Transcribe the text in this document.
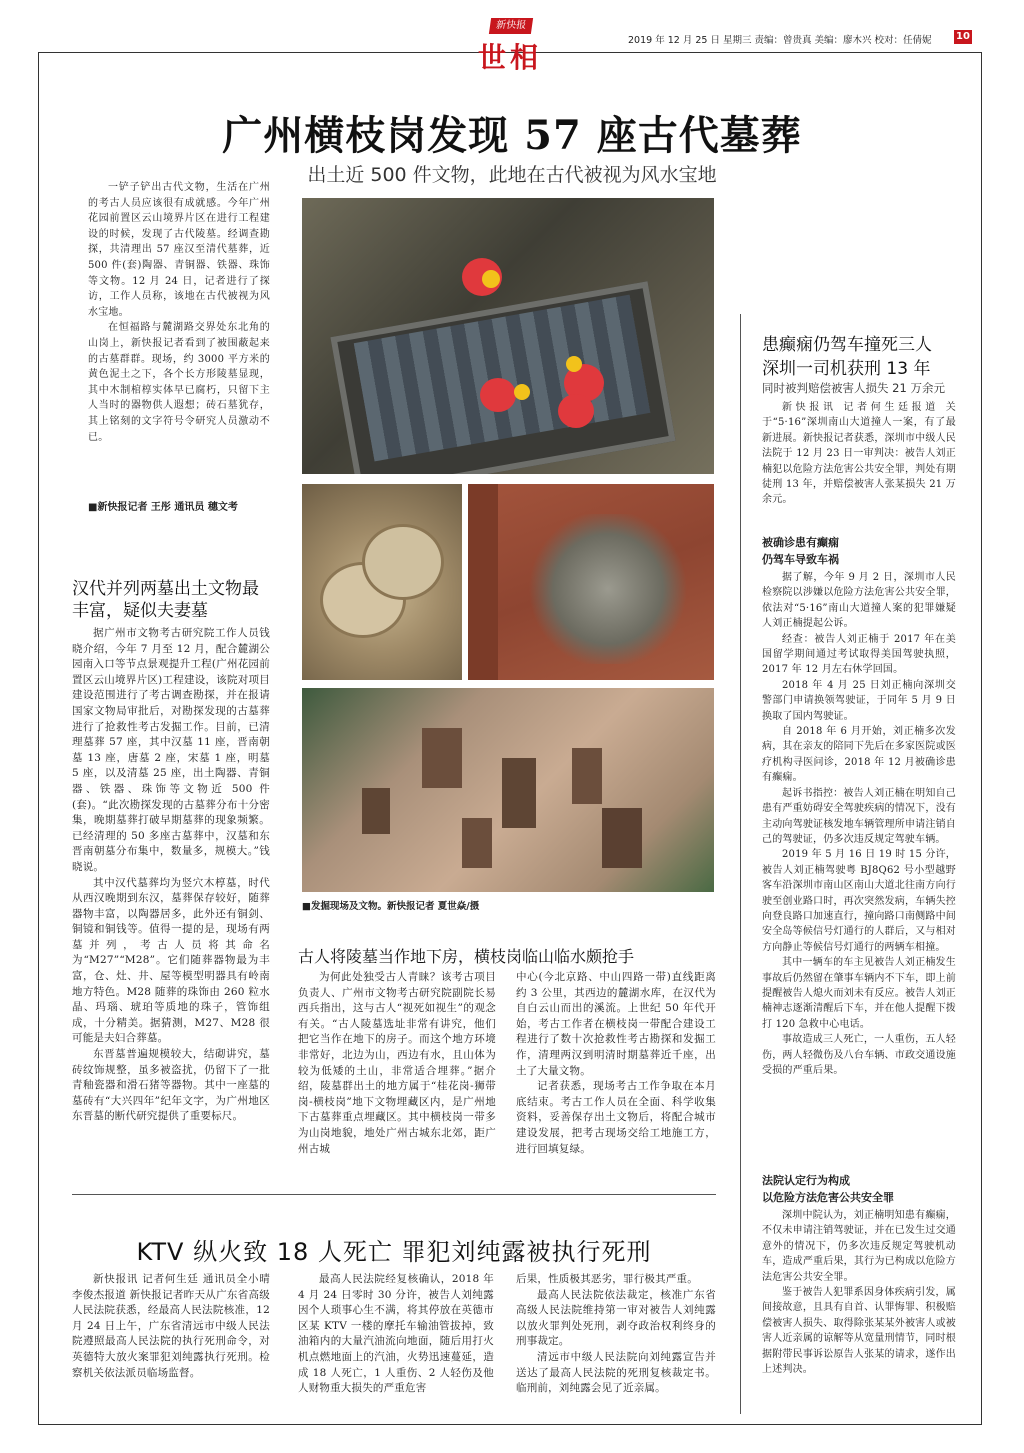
新快报
世相
2019 年 12 月 25 日 星期三 责编：曾贵真 美编：廖木兴 校对：任倩妮 10
广州横枝岗发现 57 座古代墓葬
出土近 500 件文物，此地在古代被视为风水宝地

一铲子铲出古代文物，生活在广州的考古人员应该很有成就感。今年广州花园前置区云山境界片区在进行工程建设的时候，发现了古代陵墓。经调查勘探，共清理出 57 座汉至清代墓葬，近 500 件(套)陶器、青铜器、铁器、珠饰等文物。12 月 24 日，记者进行了探访，工作人员称，该地在古代被视为风水宝地。

在恒福路与麓湖路交界处东北角的山岗上，新快报记者看到了被围蔽起来的古墓群群。现场，约 3000 平方米的黄色泥土之下，各个长方形陵墓显现，其中木制棺椁实体早已腐朽，只留下主人当时的器物供人遐想；砖石墓犹存，其上铭刻的文字符号令研究人员激动不已。

■新快报记者 王彤 通讯员 穗文考
汉代并列两墓出土文物最丰富，疑似夫妻墓

据广州市文物考古研究院工作人员钱晓介绍，今年 7 月至 12 月，配合麓湖公园南入口等节点景观提升工程(广州花园前置区云山境界片区)工程建设，该院对项目建设范围进行了考古调查勘探，并在报请国家文物局审批后，对勘探发现的古墓葬进行了抢救性考古发掘工作。目前，已清理墓葬 57 座，其中汉墓 11 座，晋南朝墓 13 座，唐墓 2 座，宋墓 1 座，明墓 5 座，以及清墓 25 座，出土陶器、青铜器、铁器、珠饰等文物近 500 件(套)。“此次勘探发现的古墓葬分布十分密集，晚期墓葬打破早期墓葬的现象频繁。已经清理的 50 多座古墓葬中，汉墓和东晋南朝墓分布集中，数量多，规模大。”钱晓说。

其中汉代墓葬均为竖穴木椁墓，时代从西汉晚期到东汉，墓葬保存较好，随葬器物丰富，以陶器居多，此外还有铜剑、铜镜和铜钱等。值得一提的是，现场有两墓并列，考古人员将其命名为“M27”“M28”。它们随葬器物最为丰富，仓、灶、井、屋等模型明器具有岭南地方特色。M28 随葬的珠饰由 260 粒水晶、玛瑙、琥珀等质地的珠子，管饰组成，十分精美。据猜测，M27、M28 很可能是夫妇合葬墓。

东晋墓普遍规模较大，结砌讲究，墓砖纹饰规整，虽多被盗扰，仍留下了一批青釉瓷器和滑石猪等器物。其中一座墓的墓砖有“大兴四年”纪年文字，为广州地区东晋墓的断代研究提供了重要标尺。

■发掘现场及文物。新快报记者 夏世焱/摄
古人将陵墓当作地下房，横枝岗临山临水颇抢手

为何此处独受古人青睐？该考古项目负责人、广州市文物考古研究院副院长易西兵指出，这与古人“视死如视生”的观念有关。“古人陵墓选址非常有讲究，他们把它当作在地下的房子。而这个地方环境非常好，北边为山，西边有水，且山体为较为低矮的土山，非常适合埋葬。”据介绍，陵墓群出土的地方属于“桂花岗-狮带岗-横枝岗”地下文物埋藏区内，是广州地下古墓葬重点埋藏区。其中横枝岗一带多为山岗地貌，地处广州古城东北郊，距广州古城

中心(今北京路、中山四路一带)直线距离约 3 公里，其西边的麓湖水库，在汉代为自白云山而出的溪流。上世纪 50 年代开始，考古工作者在横枝岗一带配合建设工程进行了数十次抢救性考古勘探和发掘工作，清理两汉到明清时期墓葬近千座，出土了大量文物。

记者获悉，现场考古工作争取在本月底结束。考古工作人员在全面、科学收集资料，妥善保存出土文物后，将配合城市建设发展，把考古现场交给工地施工方，进行回填复绿。

患癫痫仍驾车撞死三人
深圳一司机获刑 13 年
同时被判赔偿被害人损失 21 万余元

新快报讯 记者何生廷报道 关于“5·16”深圳南山大道撞人一案，有了最新进展。新快报记者获悉，深圳市中级人民法院于 12 月 23 日一审判决：被告人刘正楠犯以危险方法危害公共安全罪，判处有期徒刑 13 年，并赔偿被害人张某损失 21 万余元。

被确诊患有癫痫
仍驾车导致车祸

据了解，今年 9 月 2 日，深圳市人民检察院以涉嫌以危险方法危害公共安全罪，依法对“5·16”南山大道撞人案的犯罪嫌疑人刘正楠提起公诉。

经查：被告人刘正楠于 2017 年在美国留学期间通过考试取得美国驾驶执照，2017 年 12 月左右休学回国。

2018 年 4 月 25 日刘正楠向深圳交警部门申请换领驾驶证，于同年 5 月 9 日换取了国内驾驶证。

自 2018 年 6 月开始，刘正楠多次发病，其在亲友的陪同下先后在多家医院或医疗机构寻医问诊，2018 年 12 月被确诊患有癫痫。

起诉书指控：被告人刘正楠在明知自己患有严重妨碍安全驾驶疾病的情况下，没有主动向驾驶证核发地车辆管理所申请注销自己的驾驶证，仍多次违反规定驾驶车辆。

2019 年 5 月 16 日 19 时 15 分许，被告人刘正楠驾驶粤 BJ8Q62 号小型越野客车沿深圳市南山区南山大道北往南方向行驶至创业路口时，再次突然发病，车辆失控向登良路口加速直行，撞向路口南侧路中间安全岛等候信号灯通行的人群后，又与相对方向静止等候信号灯通行的两辆车相撞。

其中一辆车的车主见被告人刘正楠发生事故后仍然留在肇事车辆内不下车，即上前提醒被告人熄火而刘未有反应。被告人刘正楠神志逐渐清醒后下车，并在他人提醒下拨打 120 急救中心电话。

事故造成三人死亡，一人重伤，五人轻伤，两人轻微伤及八台车辆、市政交通设施受损的严重后果。

法院认定行为构成
以危险方法危害公共安全罪

深圳中院认为，刘正楠明知患有癫痫，不仅未申请注销驾驶证，并在已发生过交通意外的情况下，仍多次违反规定驾驶机动车，造成严重后果，其行为已构成以危险方法危害公共安全罪。

鉴于被告人犯罪系因身体疾病引发，属间接故意，且具有自首、认罪悔罪、积极赔偿被害人损失、取得除张某某外被害人或被害人近亲属的谅解等从宽量刑情节，同时根据附带民事诉讼原告人张某的请求，遂作出上述判决。

KTV 纵火致 18 人死亡 罪犯刘纯露被执行死刑

新快报讯 记者何生廷 通讯员全小晴 李俊杰报道 新快报记者昨天从广东省高级人民法院获悉，经最高人民法院核准，12 月 24 日上午，广东省清远市中级人民法院遵照最高人民法院的执行死刑命令，对英德特大放火案罪犯刘纯露执行死刑。检察机关依法派员临场监督。

最高人民法院经复核确认，2018 年 4 月 24 日零时 30 分许，被告人刘纯露因个人琐事心生不满，将其停放在英德市区某 KTV 一楼的摩托车输油管拔掉，致油箱内的大量汽油流向地面，随后用打火机点燃地面上的汽油，火势迅速蔓延，造成 18 人死亡，1 人重伤、2 人轻伤及他人财物重大损失的严重危害

后果，性质极其恶劣，罪行极其严重。

最高人民法院依法裁定，核准广东省高级人民法院维持第一审对被告人刘纯露以放火罪判处死刑，剥夺政治权利终身的刑事裁定。

清远市中级人民法院向刘纯露宣告并送达了最高人民法院的死刑复核裁定书。临刑前，刘纯露会见了近亲属。
